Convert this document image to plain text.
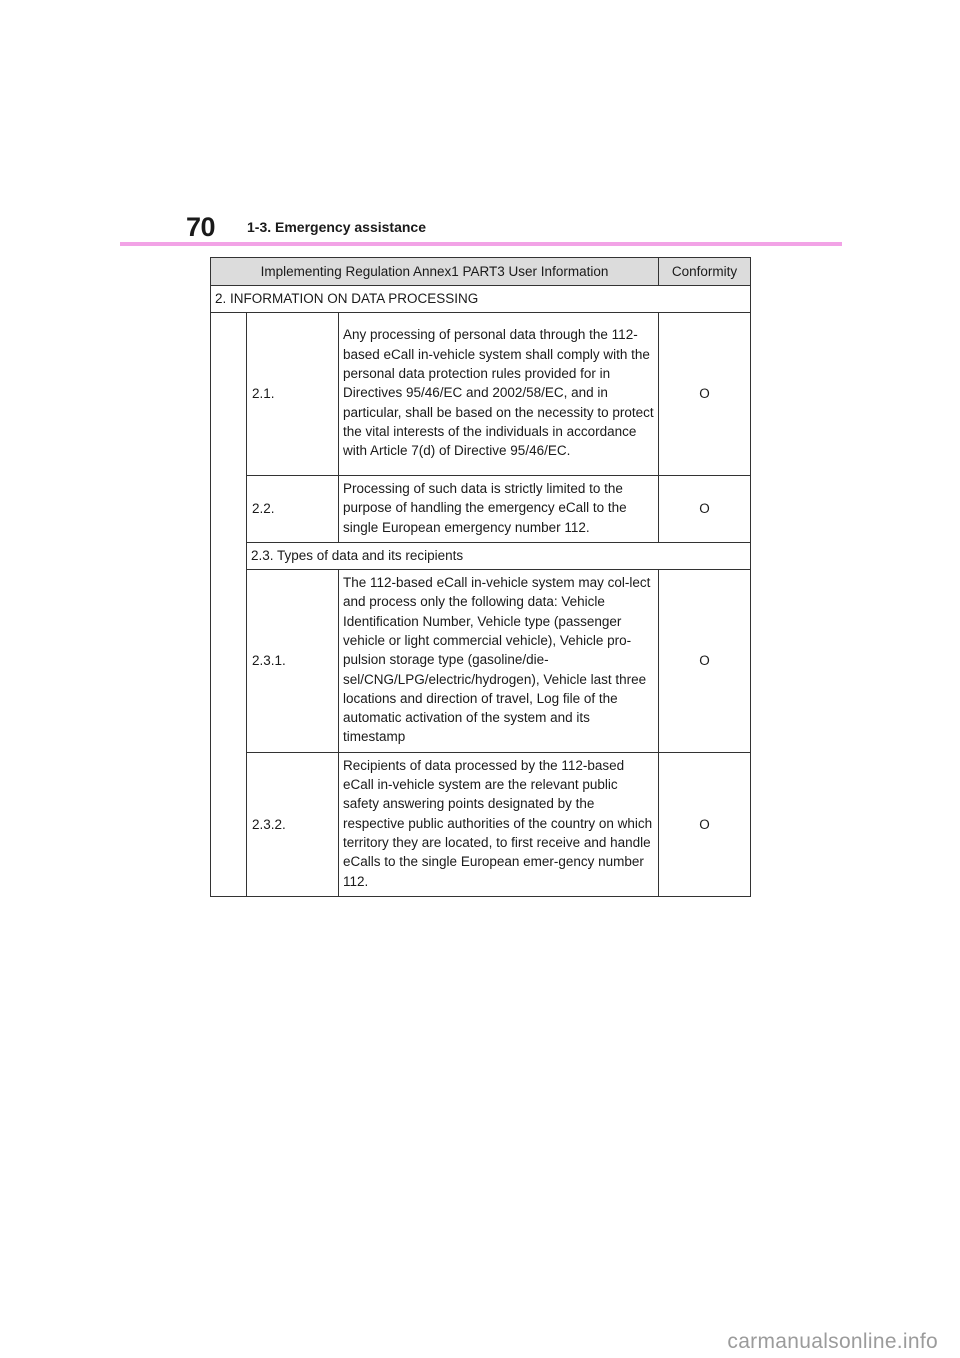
70 1-3. Emergency assistance
Implementing Regulation Annex1 PART3 User Information			Conformity
2. INFORMATION ON DATA PROCESSING			
	2.1.	Any processing of personal data through the 112-based eCall in-vehicle system shall comply with the personal data protection rules provided for in Directives 95/46/EC and 2002/58/EC, and in particular, shall be based on the necessity to protect the vital interests of the individuals in accordance with Article 7(d) of Directive 95/46/EC.	O
	2.2.	Processing of such data is strictly limited to the purpose of handling the emergency eCall to the single European emergency number 112.	O
	2.3. Types of data and its recipients		
	2.3.1.	The 112-based eCall in-vehicle system may col-lect and process only the following data: Vehicle Identification Number, Vehicle type (passenger vehicle or light commercial vehicle), Vehicle pro-pulsion storage type (gasoline/die-sel/CNG/LPG/electric/hydrogen), Vehicle last three locations and direction of travel, Log file of the automatic activation of the system and its timestamp	O
	2.3.2.	Recipients of data processed by the 112-based eCall in-vehicle system are the relevant public safety answering points designated by the respective public authorities of the country on which territory they are located, to first receive and handle eCalls to the single European emer-gency number 112.	O
carmanualsonline.info
